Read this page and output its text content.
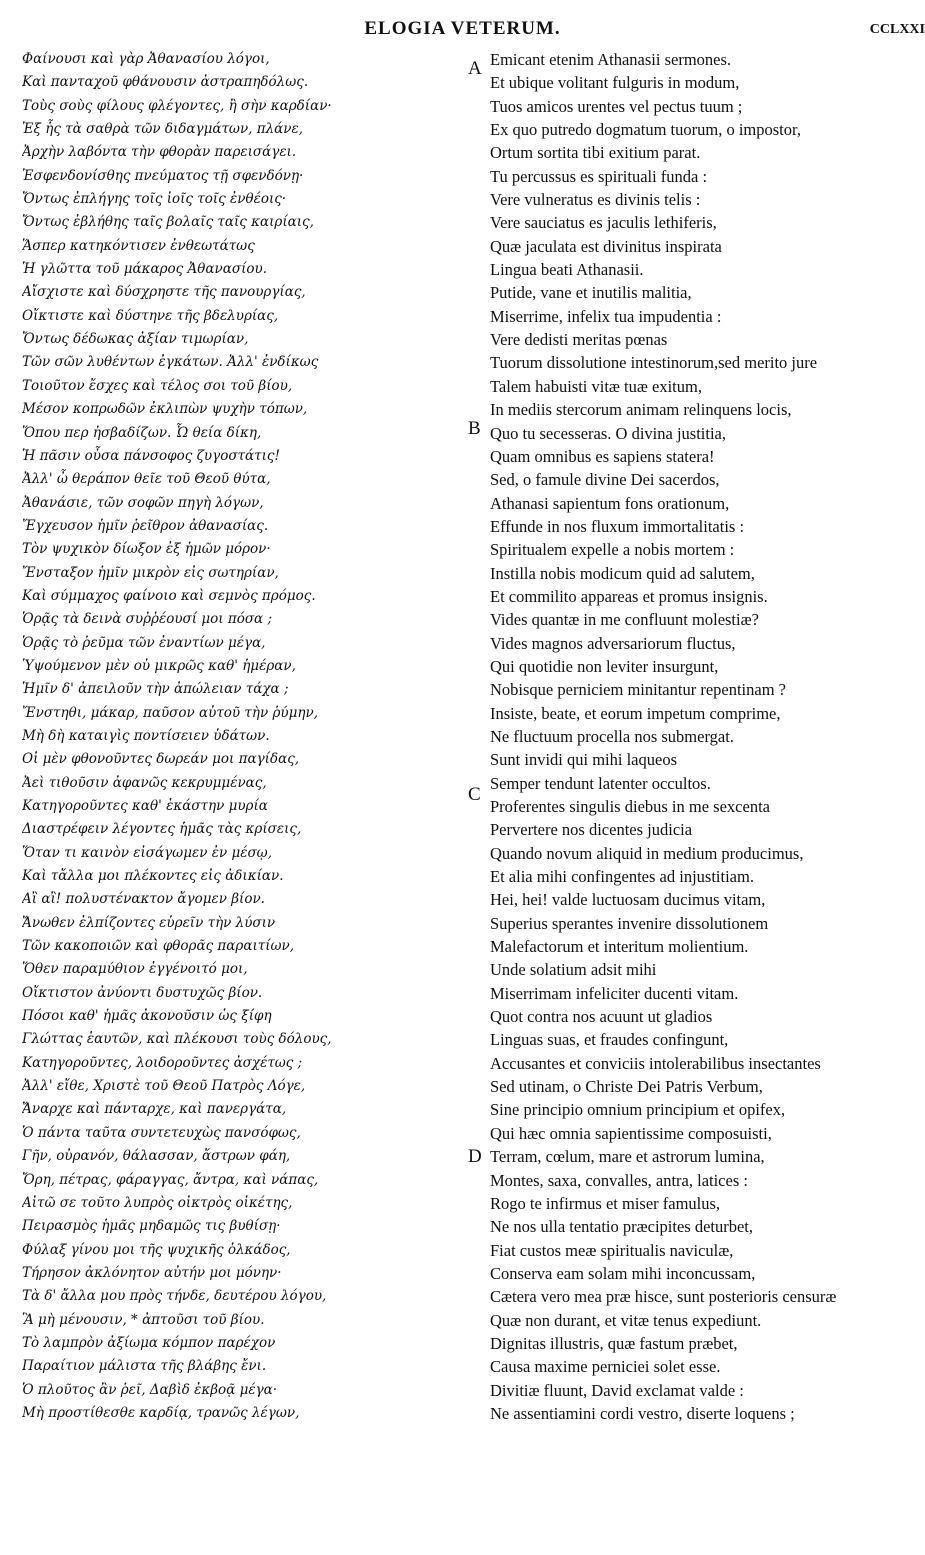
ELOGIA VETERUM.	CCLXXI
A
B
C
D
Φαίνουσι καὶ γὰρ Ἀθανασίου λόγοι,
Καὶ πανταχοῦ φθάνουσιν ἀστραπηδόλως.
Τοὺς σοὺς φίλους φλέγοντες, ἢ σὴν καρδίαν·
Ἐξ ἧς τὰ σαθρὰ τῶν διδαγμάτων, πλάνε,
Ἀρχὴν λαβόντα τὴν φθορὰν παρεισάγει.
Ἐσφενδονίσθης πνεύματος τῇ σφενδόνῃ·
Ὄντως ἐπλήγης τοῖς ἰοῖς τοῖς ἐνθέοις·
Ὄντως ἐβλήθης ταῖς βολαῖς ταῖς καιρίαις,
Ἅσπερ κατηκόντισεν ἐνθεωτάτως
Ἡ γλῶττα τοῦ μάκαρος Ἀθανασίου.
Αἴσχιστε καὶ δύσχρηστε τῆς πανουργίας,
Οἴκτιστε καὶ δύστηνε τῆς βδελυρίας,
Ὄντως δέδωκας ἀξίαν τιμωρίαν,
Τῶν σῶν λυθέντων ἐγκάτων. Ἀλλ' ἐνδίκως
Τοιοῦτον ἔσχες καὶ τέλος σοι τοῦ βίου,
Μέσον κοπρωδῶν ἐκλιπὼν ψυχὴν τόπων,
Ὅπου περ ἠσβαδίζων. Ὦ θεία δίκη,
Ἡ πᾶσιν οὖσα πάνσοφος ζυγοστάτις!
Ἀλλ' ὦ θεράπον θεῖε τοῦ Θεοῦ θύτα,
Ἀθανάσιε, τῶν σοφῶν πηγὴ λόγων,
Ἔγχευσον ἡμῖν ῥεῖθρον ἀθανασίας.
Τὸν ψυχικὸν δίωξον ἐξ ἡμῶν μόρον·
Ἔνσταξον ἡμῖν μικρὸν εἰς σωτηρίαν,
Καὶ σύμμαχος φαίνοιο καὶ σεμνὸς πρόμος.
Ὁρᾷς τὰ δεινὰ συῤῥέουσί μοι πόσα ;
Ὁρᾷς τὸ ῥεῦμα τῶν ἐναντίων μέγα,
Ὑψούμενον μὲν οὐ μικρῶς καθ' ἡμέραν,
Ἡμῖν δ' ἀπειλοῦν τὴν ἀπώλειαν τάχα ;
Ἔνστηθι, μάκαρ, παῦσον αὐτοῦ τὴν ῥύμην,
Μὴ δὴ καταιγὶς ποντίσειεν ὑδάτων.
Οἱ μὲν φθονοῦντες δωρεάν μοι παγίδας,
Ἀεὶ τιθοῦσιν ἀφανῶς κεκρυμμένας,
Κατηγοροῦντες καθ' ἑκάστην μυρία
Διαστρέφειν λέγοντες ἡμᾶς τὰς κρίσεις,
Ὅταν τι καινὸν εἰσάγωμεν ἐν μέσῳ,
Καὶ τἄλλα μοι πλέκοντες εἰς ἀδικίαν.
Αἲ αἲ! πολυστένακτον ἄγομεν βίον.
Ἄνωθεν ἐλπίζοντες εὑρεῖν τὴν λύσιν
Τῶν κακοποιῶν καὶ φθορᾶς παραιτίων,
Ὅθεν παραμύθιον ἐγγένοιτό μοι,
Οἴκτιστον ἀνύοντι δυστυχῶς βίον.
Πόσοι καθ' ἡμᾶς ἀκονοῦσιν ὡς ξίφη
Γλώττας ἑαυτῶν, καὶ πλέκουσι τοὺς δόλους,
Κατηγοροῦντες, λοιδοροῦντες ἀσχέτως ;
Ἀλλ' εἴθε, Χριστὲ τοῦ Θεοῦ Πατρὸς Λόγε,
Ἄναρχε καὶ πάνταρχε, καὶ πανεργάτα,
Ὁ πάντα ταῦτα συντετευχὼς πανσόφως,
Γῆν, οὐρανόν, θάλασσαν, ἄστρων φάη,
Ὄρη, πέτρας, φάραγγας, ἄντρα, καὶ νάπας,
Αἰτῶ σε τοῦτο λυπρὸς οἰκτρὸς οἰκέτης,
Πειρασμὸς ἡμᾶς μηδαμῶς τις βυθίσῃ·
Φύλαξ γίνου μοι τῆς ψυχικῆς ὁλκάδος,
Τήρησον ἀκλόνητον αὐτήν μοι μόνην·
Τὰ δ' ἄλλα μου πρὸς τήνδε, δευτέρου λόγου,
Ἃ μὴ μένουσιν, * ἀπτοῦσι τοῦ βίου.
Τὸ λαμπρὸν ἀξίωμα κόμπον παρέχον
Παραίτιον μάλιστα τῆς βλάβης ἔνι.
Ὁ πλοῦτος ἂν ῥεῖ, Δαβὶδ ἐκβοᾷ μέγα·
Μὴ προστίθεσθε καρδίᾳ, τρανῶς λέγων,
Emicant etenim Athanasii sermones.
Et ubique volitant fulguris in modum,
Tuos amicos urentes vel pectus tuum ;
Ex quo putredo dogmatum tuorum, o impostor,
Ortum sortita tibi exitium parat.
Tu percussus es spirituali funda :
Vere vulneratus es divinis telis :
Vere sauciatus es jaculis lethiferis,
Quæ jaculata est divinitus inspirata
Lingua beati Athanasii.
Putide, vane et inutilis malitia,
Miserrime, infelix tua impudentia :
Vere dedisti meritas pœnas
Tuorum dissolutione intestinorum,sed merito jure
Talem habuisti vitæ tuæ exitum,
In mediis stercorum animam relinquens locis,
Quo tu secesseras. O divina justitia,
Quam omnibus es sapiens statera!
Sed, o famule divine Dei sacerdos,
Athanasi sapientum fons orationum,
Effunde in nos fluxum immortalitatis :
Spiritualem expelle a nobis mortem :
Instilla nobis modicum quid ad salutem,
Et commilito appareas et promus insignis.
Vides quantæ in me confluunt molestiæ?
Vides magnos adversariorum fluctus,
Qui quotidie non leviter insurgunt,
Nobisque perniciem minitantur repentinam ?
Insiste, beate, et eorum impetum comprime,
Ne fluctuum procella nos submergat.
Sunt invidi qui mihi laqueos
Semper tendunt latenter occultos.
Proferentes singulis diebus in me sexcenta
Pervertere nos dicentes judicia
Quando novum aliquid in medium producimus,
Et alia mihi confingentes ad injustitiam.
Hei, hei! valde luctuosam ducimus vitam,
Superius sperantes invenire dissolutionem
Malefactorum et interitum molientium.
Unde solatium adsit mihi
Miserrimam infeliciter ducenti vitam.
Quot contra nos acuunt ut gladios
Linguas suas, et fraudes confingunt,
Accusantes et conviciis intolerabilibus insectantes
Sed utinam, o Christe Dei Patris Verbum,
Sine principio omnium principium et opifex,
Qui hæc omnia sapientissime composuisti,
Terram, cœlum, mare et astrorum lumina,
Montes, saxa, convalles, antra, latices :
Rogo te infirmus et miser famulus,
Ne nos ulla tentatio præcipites deturbet,
Fiat custos meæ spiritualis naviculæ,
Conserva eam solam mihi inconcussam,
Cætera vero mea præ hisce, sunt posterioris censuræ
Quæ non durant, et vitæ tenus expediunt.
Dignitas illustris, quæ fastum præbet,
Causa maxime perniciei solet esse.
Divitiæ fluunt, David exclamat valde :
Ne assentiamini cordi vestro, diserte loquens ;
